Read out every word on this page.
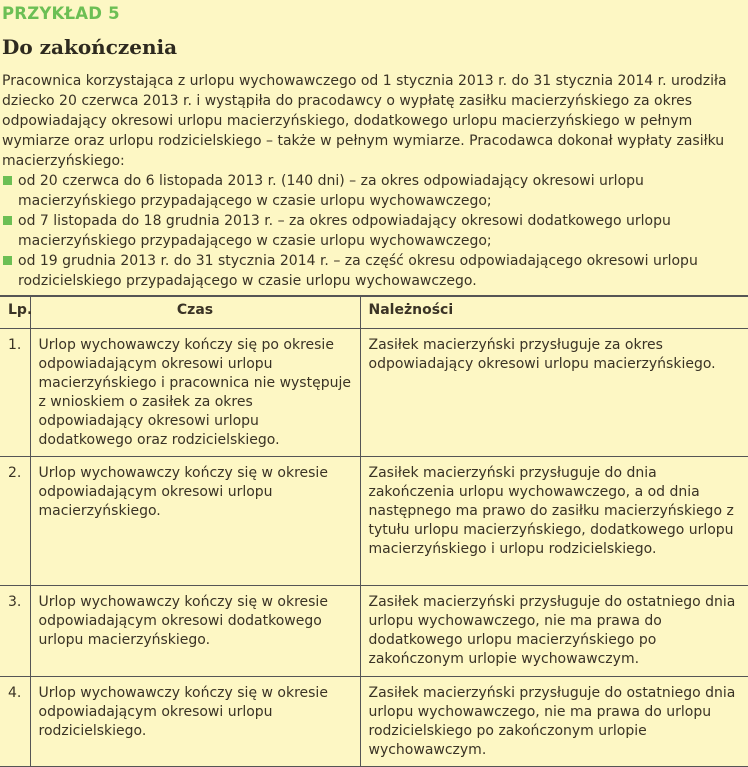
PRZYKŁAD 5
Do zakończenia

Pracownica korzystająca z urlopu wychowawczego od 1 stycznia 2013 r. do 31 stycznia 2014 r. urodziła dziecko 20 czerwca 2013 r. i wystąpiła do pracodawcy o wypłatę zasiłku macierzyńskiego za okres odpowiadający okresowi urlopu macierzyńskiego, dodatkowego urlopu macierzyńskiego w pełnym wymiarze oraz urlopu rodzicielskiego – także w pełnym wymiarze. Pracodawca dokonał wypłaty zasiłku macierzyńskiego:

od 20 czerwca do 6 listopada 2013 r. (140 dni) – za okres odpowiadający okresowi urlopu macierzyńskiego przypadającego w czasie urlopu wychowawczego;
od 7 listopada do 18 grudnia 2013 r. – za okres odpowiadający okresowi dodatkowego urlopu macierzyńskiego przypadającego w czasie urlopu wychowawczego;
od 19 grudnia 2013 r. do 31 stycznia 2014 r. – za część okresu odpowiadającego okresowi urlopu rodzicielskiego przypadającego w czasie urlopu wychowawczego.
Lp.	Czas	Należności
1.	Urlop wychowawczy kończy się po okresie odpowiadającym okresowi urlopu macierzyńskiego i pracownica nie występuje z wnioskiem o zasiłek za okres odpowiadający okresowi urlopu dodatkowego oraz rodzicielskiego.	Zasiłek macierzyński przysługuje za okres odpowiadający okresowi urlopu macierzyńskiego.
2.	Urlop wychowawczy kończy się w okresie odpowiadającym okresowi urlopu macierzyńskiego.	Zasiłek macierzyński przysługuje do dnia zakończenia urlopu wychowawczego, a od dnia następnego ma prawo do zasiłku macierzyńskiego z tytułu urlopu macierzyńskiego, dodatkowego urlopu macierzyńskiego i urlopu rodzicielskiego.
3.	Urlop wychowawczy kończy się w okresie odpowiadającym okresowi dodatkowego urlopu macierzyńskiego.	Zasiłek macierzyński przysługuje do ostatniego dnia urlopu wychowawczego, nie ma prawa do dodatkowego urlopu macierzyńskiego po zakończonym urlopie wychowawczym.
4.	Urlop wychowawczy kończy się w okresie odpowiadającym okresowi urlopu rodzicielskiego.	Zasiłek macierzyński przysługuje do ostatniego dnia urlopu wychowawczego, nie ma prawa do urlopu rodzicielskiego po zakończonym urlopie wychowawczym.
